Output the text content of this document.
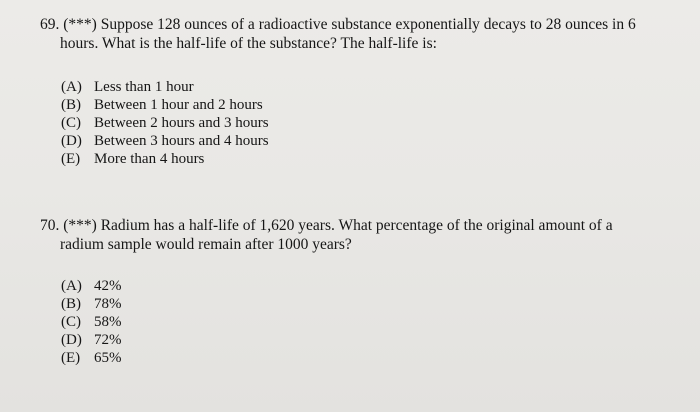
69. (***) Suppose 128 ounces of a radioactive substance exponentially decays to 28 ounces in 6
hours. What is the half-life of the substance? The half-life is:

(A) Less than 1 hour
(B) Between 1 hour and 2 hours
(C) Between 2 hours and 3 hours
(D) Between 3 hours and 4 hours
(E) More than 4 hours

70. (***) Radium has a half-life of 1,620 years. What percentage of the original amount of a
radium sample would remain after 1000 years?

(A) 42%
(B) 78%
(C) 58%
(D) 72%
(E) 65%
